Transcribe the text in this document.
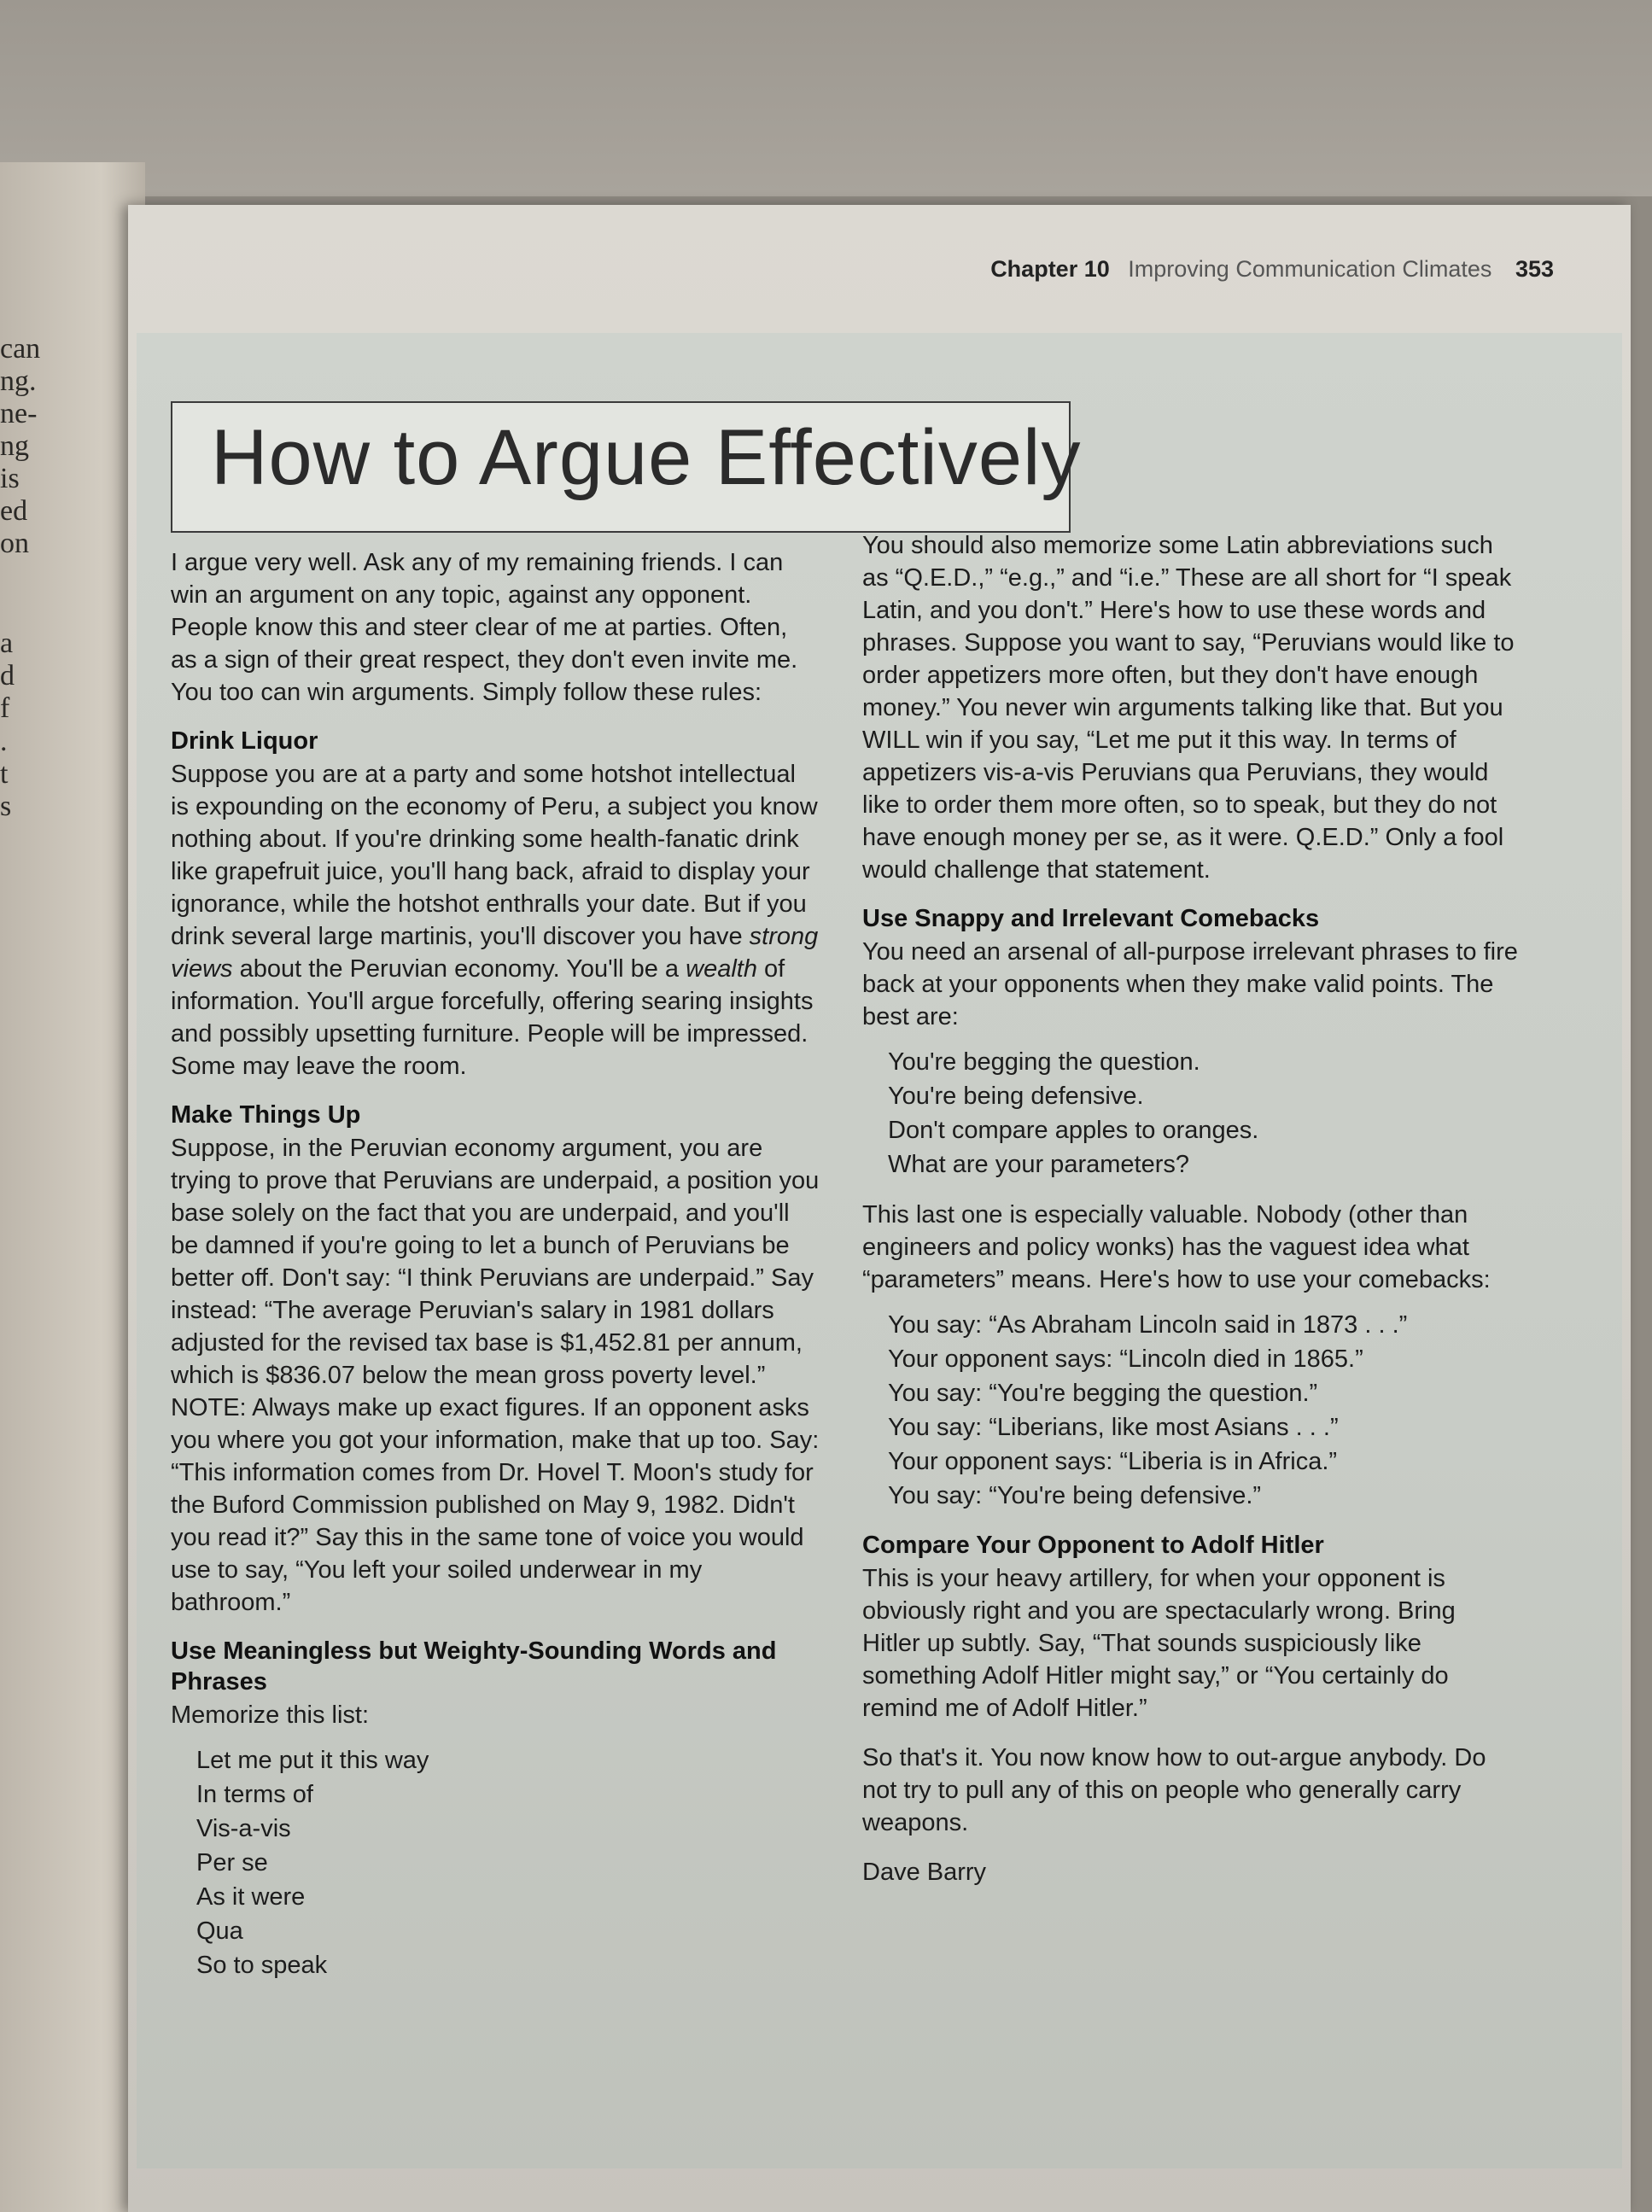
can
ng.
ne-
ng
is
ed
on
a
d
f
.
t
s
Chapter 10 Improving Communication Climates 353
How to Argue Effectively

I argue very well. Ask any of my remaining friends. I can win an argument on any topic, against any opponent. People know this and steer clear of me at parties. Often, as a sign of their great respect, they don't even invite me. You too can win arguments. Simply follow these rules:

Drink Liquor

Suppose you are at a party and some hotshot intellectual is expounding on the economy of Peru, a subject you know nothing about. If you're drinking some health-fanatic drink like grapefruit juice, you'll hang back, afraid to display your ignorance, while the hotshot enthralls your date. But if you drink several large martinis, you'll discover you have strong views about the Peruvian economy. You'll be a wealth of information. You'll argue forcefully, offering searing insights and possibly upsetting furniture. People will be impressed. Some may leave the room.

Make Things Up

Suppose, in the Peruvian economy argument, you are trying to prove that Peruvians are underpaid, a position you base solely on the fact that you are underpaid, and you'll be damned if you're going to let a bunch of Peruvians be better off. Don't say: “I think Peruvians are underpaid.” Say instead: “The average Peruvian's salary in 1981 dollars adjusted for the revised tax base is $1,452.81 per annum, which is $836.07 below the mean gross poverty level.” NOTE: Always make up exact figures. If an opponent asks you where you got your information, make that up too. Say: “This information comes from Dr. Hovel T. Moon's study for the Buford Commission published on May 9, 1982. Didn't you read it?” Say this in the same tone of voice you would use to say, “You left your soiled underwear in my bathroom.”

Use Meaningless but Weighty-Sounding Words and Phrases

Memorize this list:

Let me put it this way
In terms of
Vis-a-vis
Per se
As it were
Qua
So to speak

You should also memorize some Latin abbreviations such as “Q.E.D.,” “e.g.,” and “i.e.” These are all short for “I speak Latin, and you don't.” Here's how to use these words and phrases. Suppose you want to say, “Peruvians would like to order appetizers more often, but they don't have enough money.” You never win arguments talking like that. But you WILL win if you say, “Let me put it this way. In terms of appetizers vis-a-vis Peruvians qua Peruvians, they would like to order them more often, so to speak, but they do not have enough money per se, as it were. Q.E.D.” Only a fool would challenge that statement.

Use Snappy and Irrelevant Comebacks

You need an arsenal of all-purpose irrelevant phrases to fire back at your opponents when they make valid points. The best are:

You're begging the question.
You're being defensive.
Don't compare apples to oranges.
What are your parameters?

This last one is especially valuable. Nobody (other than engineers and policy wonks) has the vaguest idea what “parameters” means. Here's how to use your comebacks:

You say: “As Abraham Lincoln said in 1873 . . .”
Your opponent says: “Lincoln died in 1865.”
You say: “You're begging the question.”
You say: “Liberians, like most Asians . . .”
Your opponent says: “Liberia is in Africa.”
You say: “You're being defensive.”
Compare Your Opponent to Adolf Hitler

This is your heavy artillery, for when your opponent is obviously right and you are spectacularly wrong. Bring Hitler up subtly. Say, “That sounds suspiciously like something Adolf Hitler might say,” or “You certainly do remind me of Adolf Hitler.”

So that's it. You now know how to out-argue anybody. Do not try to pull any of this on people who generally carry weapons.

Dave Barry
